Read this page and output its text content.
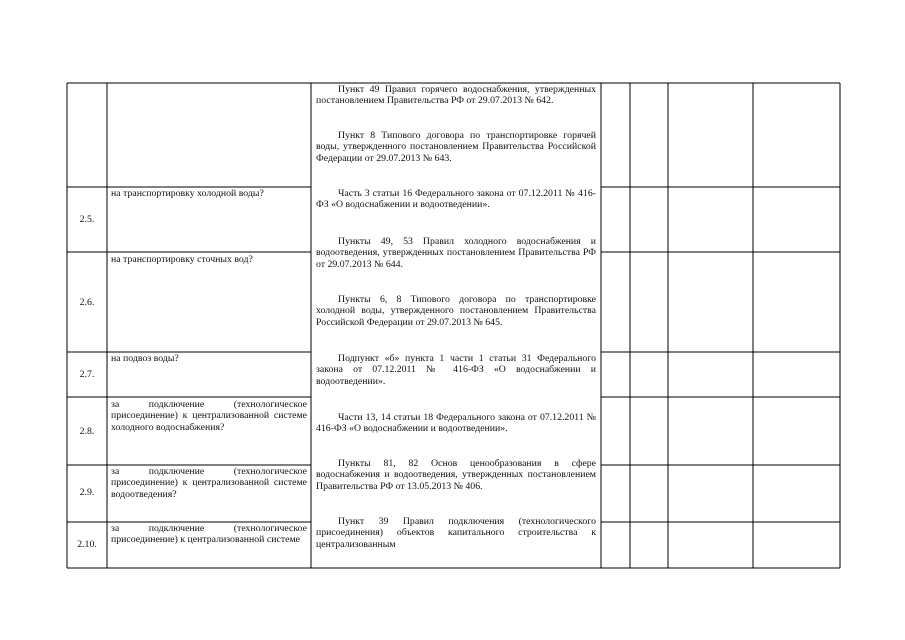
Пункт 49 Правил горячего водоснабжения, утвержденных постановлением Правительства РФ от 29.07.2013 № 642.
Пункт 8 Типового договора по транспортировке горячей воды, утвержденного постановлением Правительства Российской Федерации от 29.07.2013 № 643.
2.5.
на транспортировку холодной воды?	Часть 3 статьи 16 Федерального закона от 07.12.2011 № 416-ФЗ «О водоснабжении и водоотведении».
2.6.
на транспортировку сточных вод?
Пункты 49, 53 Правил холодного водоснабжения и водоотведения, утвержденных постановлением Правительства РФ от 29.07.2013 № 644.
Пункты 6, 8 Типового договора по транспортировке холодной воды, утвержденного постановлением Правительства Российской Федерации от 29.07.2013 № 645.
2.7.
на подвоз воды?	Подпункт «б» пункта 1 части 1 статьи 31 Федерального закона от 07.12.2011 № 416-ФЗ «О водоснабжении и водоотведении».
2.8.
за подключение (технологическое присоединение) к централизованной системе холодного водоснабжения?
2.9.
за подключение (технологическое присоединение) к централизованной системе водоотведения?
2.10.
за подключение (технологическое присоединение) к централизованной системе
Части 13, 14 статьи 18 Федерального закона от 07.12.2011 № 416-ФЗ «О водоснабжении и водоотведении».
Пункты 81, 82 Основ ценообразования в сфере водоснабжения и водоотведения, утвержденных постановлением Правительства РФ от 13.05.2013 № 406.
Пункт 39 Правил подключения (технологического присоединения) объектов капитального строительства к централизованным
